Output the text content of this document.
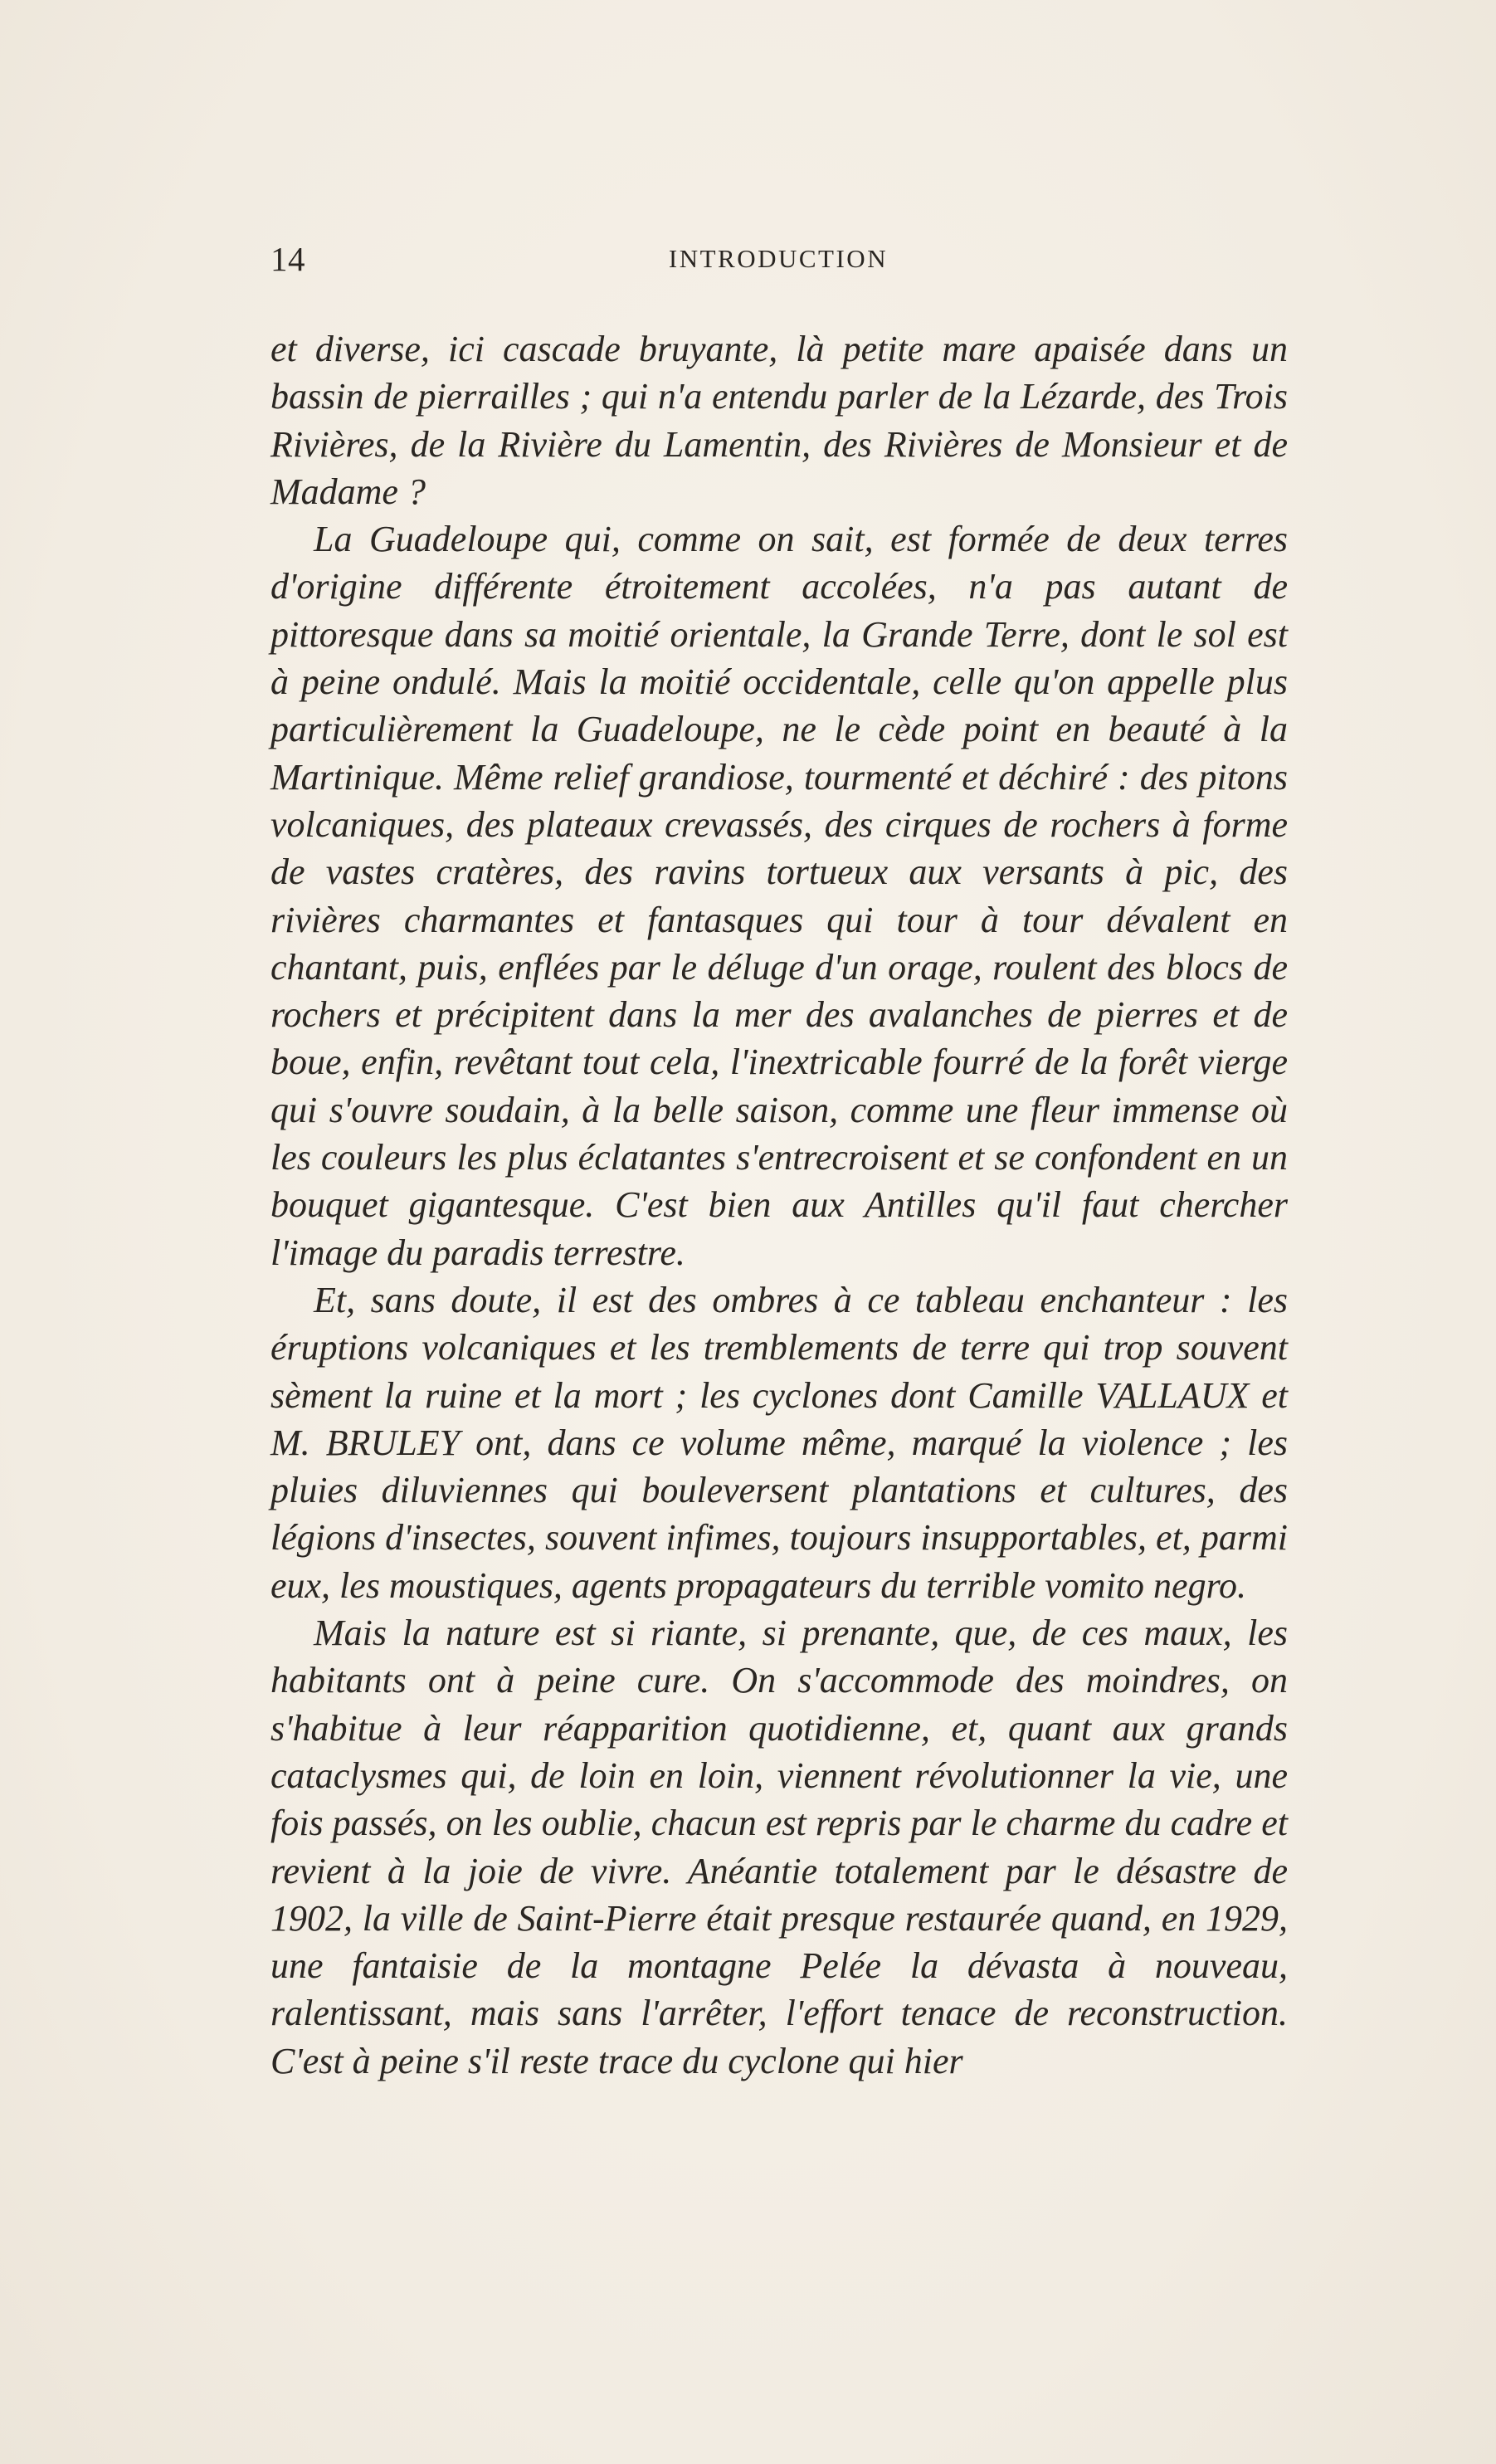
14	INTRODUCTION

et diverse, ici cascade bruyante, là petite mare apaisée dans un bassin de pierrailles ; qui n'a entendu parler de la Lézarde, des Trois Rivières, de la Rivière du Lamentin, des Rivières de Monsieur et de Madame ?

La Guadeloupe qui, comme on sait, est formée de deux terres d'origine différente étroitement accolées, n'a pas autant de pittoresque dans sa moitié orientale, la Grande Terre, dont le sol est à peine ondulé. Mais la moitié occidentale, celle qu'on appelle plus particulièrement la Guadeloupe, ne le cède point en beauté à la Martinique. Même relief grandiose, tourmenté et déchiré : des pitons volcaniques, des plateaux crevassés, des cirques de rochers à forme de vastes cratères, des ravins tortueux aux versants à pic, des rivières charmantes et fantasques qui tour à tour dévalent en chantant, puis, enflées par le déluge d'un orage, roulent des blocs de rochers et précipitent dans la mer des avalanches de pierres et de boue, enfin, revêtant tout cela, l'inextricable fourré de la forêt vierge qui s'ouvre soudain, à la belle saison, comme une fleur immense où les couleurs les plus éclatantes s'entrecroisent et se confondent en un bouquet gigantesque. C'est bien aux Antilles qu'il faut chercher l'image du paradis terrestre.

Et, sans doute, il est des ombres à ce tableau enchanteur : les éruptions volcaniques et les tremblements de terre qui trop souvent sèment la ruine et la mort ; les cyclones dont Camille VALLAUX et M. BRULEY ont, dans ce volume même, marqué la violence ; les pluies diluviennes qui bouleversent plantations et cultures, des légions d'insectes, souvent infimes, toujours insupportables, et, parmi eux, les moustiques, agents propagateurs du terrible vomito negro.

Mais la nature est si riante, si prenante, que, de ces maux, les habitants ont à peine cure. On s'accommode des moindres, on s'habitue à leur réapparition quotidienne, et, quant aux grands cataclysmes qui, de loin en loin, viennent révolutionner la vie, une fois passés, on les oublie, chacun est repris par le charme du cadre et revient à la joie de vivre. Anéantie totalement par le désastre de 1902, la ville de Saint-Pierre était presque restaurée quand, en 1929, une fantaisie de la montagne Pelée la dévasta à nouveau, ralentissant, mais sans l'arrêter, l'effort tenace de reconstruction. C'est à peine s'il reste trace du cyclone qui hier
